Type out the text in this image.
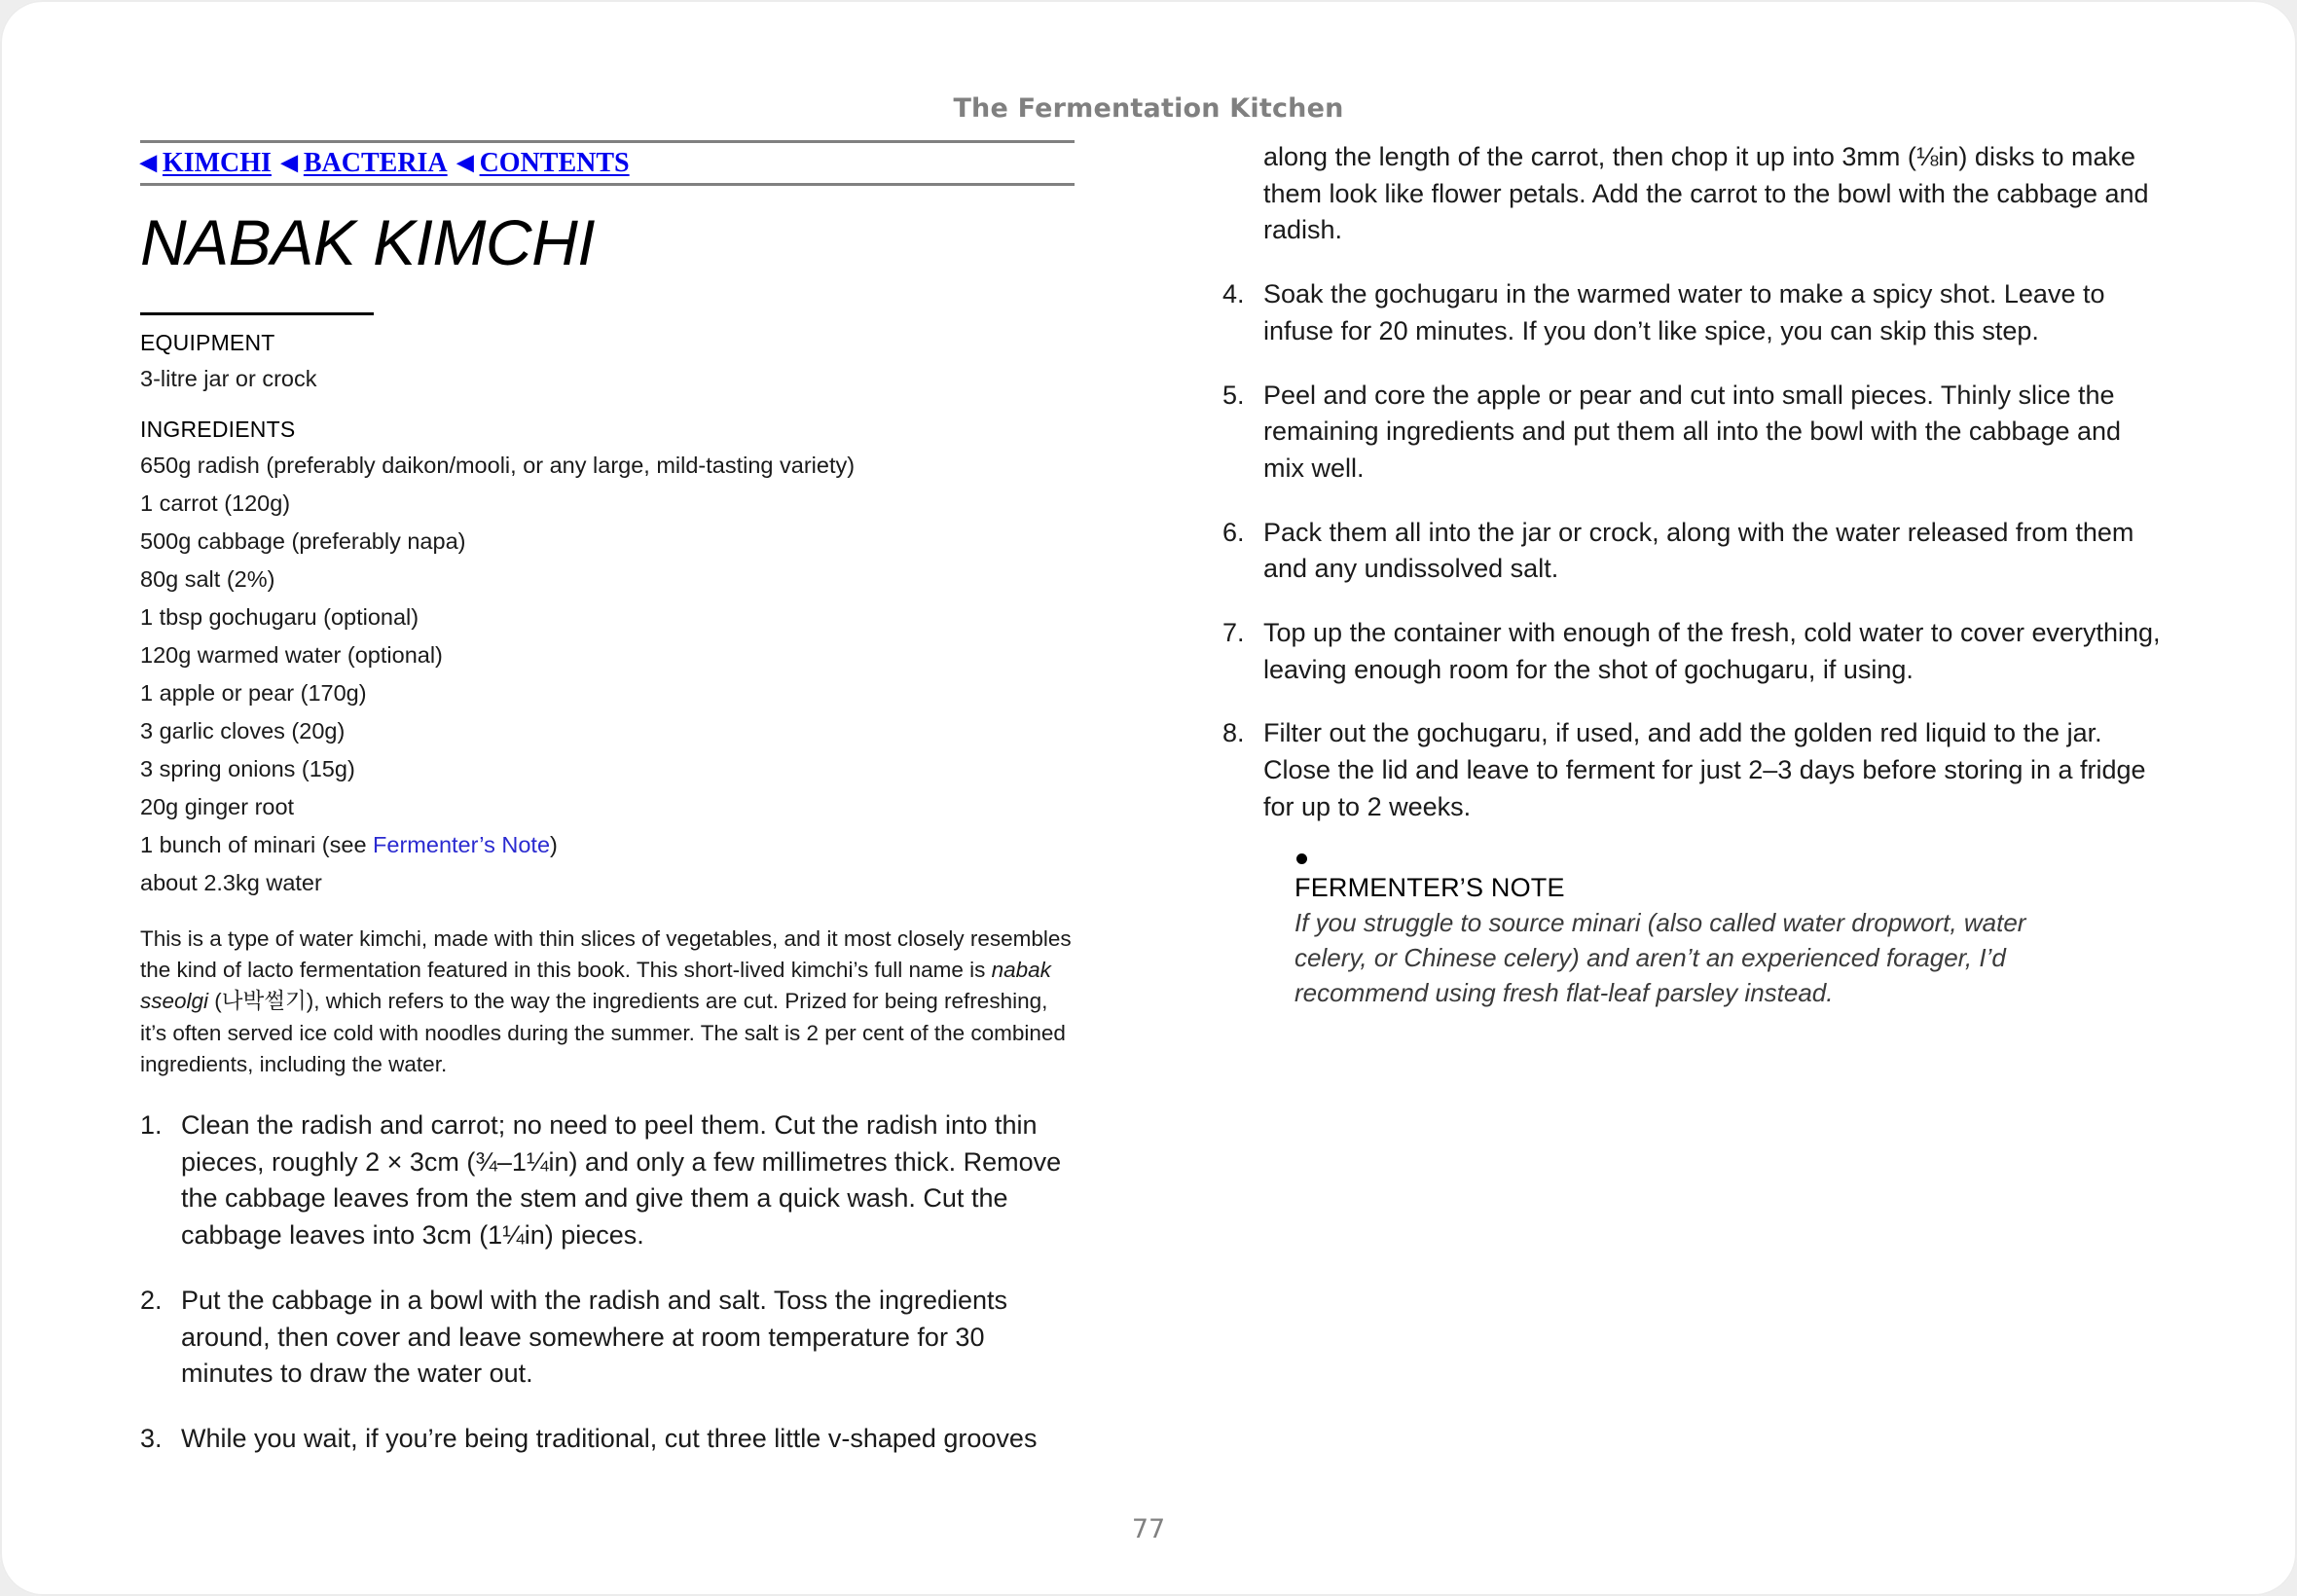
The Fermentation Kitchen
◀ KIMCHI ◀ BACTERIA ◀ CONTENTS
NABAK KIMCHI
EQUIPMENT
3-litre jar or crock
INGREDIENTS
650g radish (preferably daikon/mooli, or any large, mild-tasting variety)
1 carrot (120g)
500g cabbage (preferably napa)
80g salt (2%)
1 tbsp gochugaru (optional)
120g warmed water (optional)
1 apple or pear (170g)
3 garlic cloves (20g)
3 spring onions (15g)
20g ginger root
1 bunch of minari (see Fermenter’s Note)
about 2.3kg water

This is a type of water kimchi, made with thin slices of vegetables, and it most closely resembles the kind of lacto fermentation featured in this book. This short-lived kimchi’s full name is nabak sseolgi (나박썰기), which refers to the way the ingredients are cut. Prized for being refreshing, it’s often served ice cold with noodles during the summer. The salt is 2 per cent of the combined ingredients, including the water.

1. Clean the radish and carrot; no need to peel them. Cut the radish into thin pieces, roughly 2 × 3cm (¾–1¼in) and only a few millimetres thick. Remove the cabbage leaves from the stem and give them a quick wash. Cut the cabbage leaves into 3cm (1¼in) pieces.
2. Put the cabbage in a bowl with the radish and salt. Toss the ingredients around, then cover and leave somewhere at room temperature for 30 minutes to draw the water out.
3. While you wait, if you’re being traditional, cut three little v-shaped grooves
along the length of the carrot, then chop it up into 3mm (⅛in) disks to make them look like flower petals. Add the carrot to the bowl with the cabbage and radish.
4. Soak the gochugaru in the warmed water to make a spicy shot. Leave to infuse for 20 minutes. If you don’t like spice, you can skip this step.
5. Peel and core the apple or pear and cut into small pieces. Thinly slice the remaining ingredients and put them all into the bowl with the cabbage and mix well.
6. Pack them all into the jar or crock, along with the water released from them and any undissolved salt.
7. Top up the container with enough of the fresh, cold water to cover everything, leaving enough room for the shot of gochugaru, if using.
8. Filter out the gochugaru, if used, and add the golden red liquid to the jar. Close the lid and leave to ferment for just 2–3 days before storing in a fridge for up to 2 weeks.
FERMENTER’S NOTE
If you struggle to source minari (also called water dropwort, water celery, or Chinese celery) and aren’t an experienced forager, I’d recommend using fresh flat-leaf parsley instead.
77
